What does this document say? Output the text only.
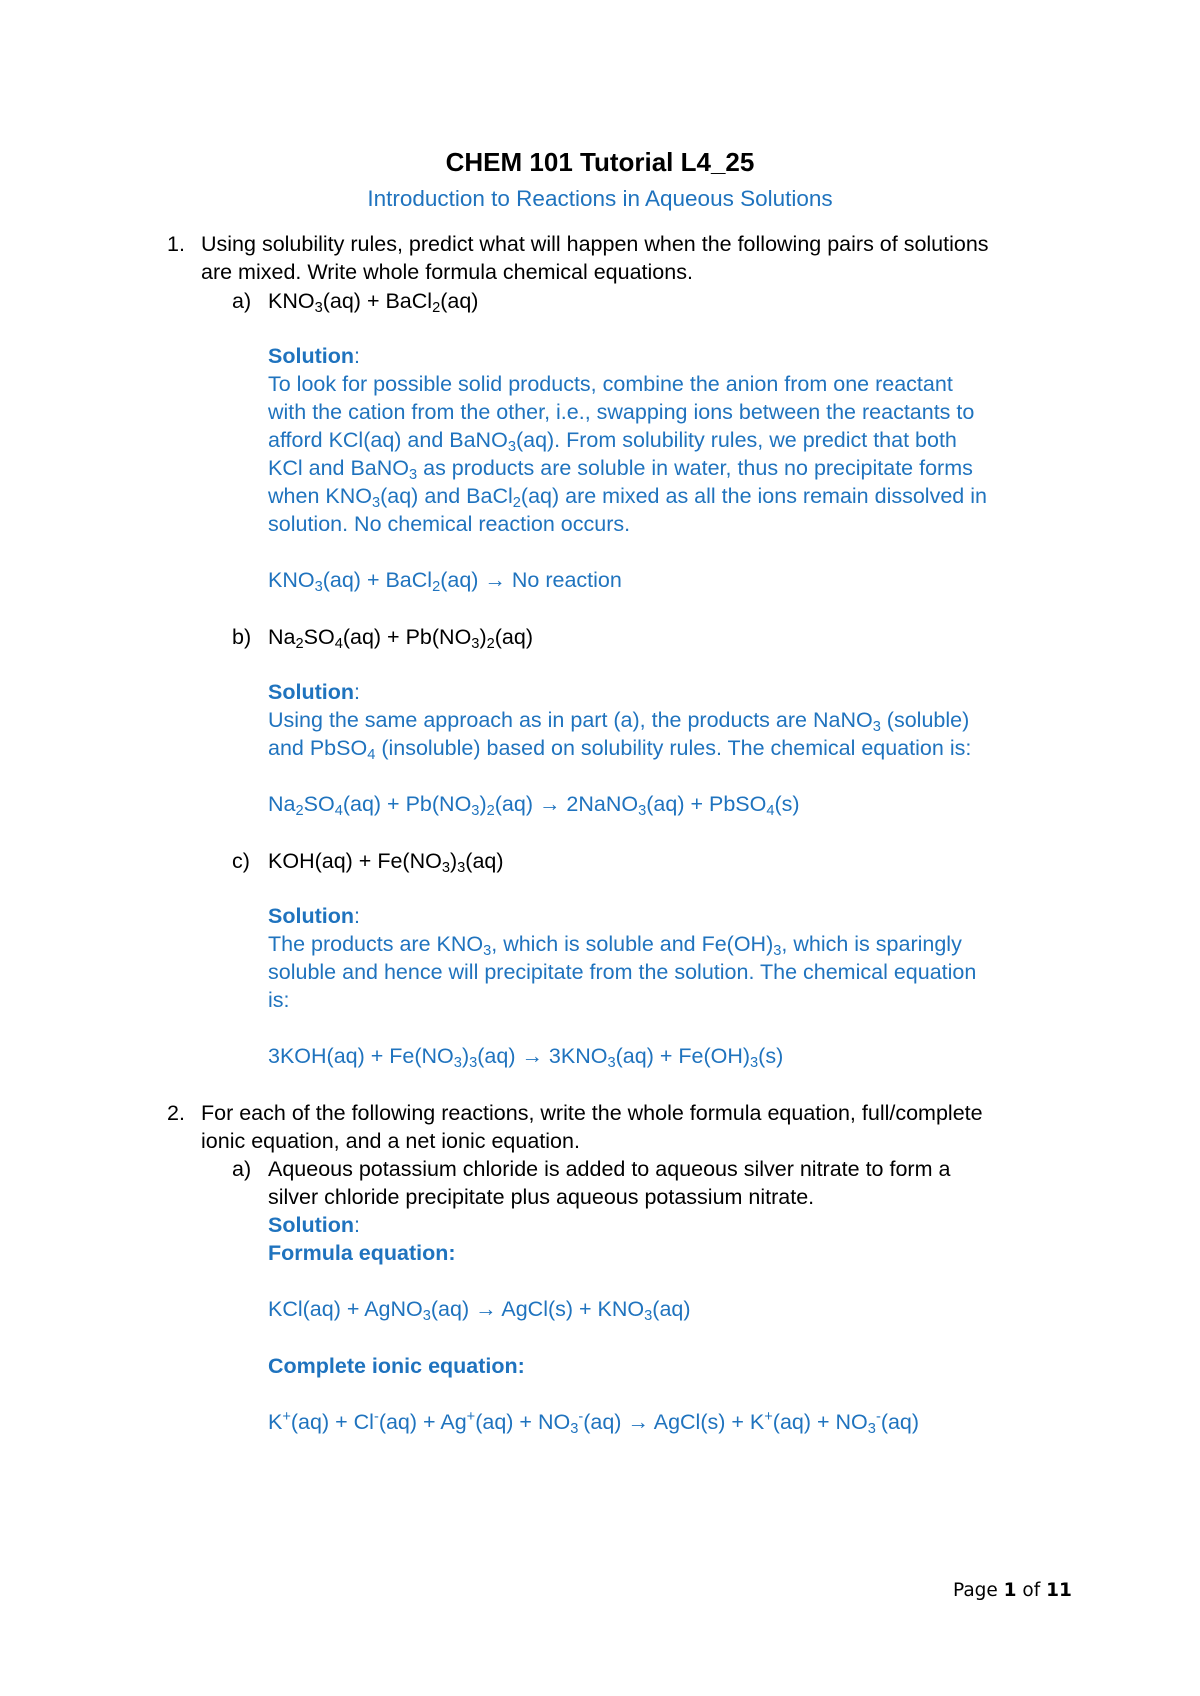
CHEM 101 Tutorial L4_25
Introduction to Reactions in Aqueous Solutions
1. Using solubility rules, predict what will happen when the following pairs of solutions
are mixed. Write whole formula chemical equations.
a) $KNO_3(aq)$ + BaCl$_2$(aq)
Solution:
To look for possible solid products, combine the anion from one reactant
with the cation from the other, i.e., swapping ions between the reactants to
afford KCl(aq) and BaNO$_3$(aq). From solubility rules, we predict that both
KCl and BaNO$_3$ as products are soluble in water, thus no precipitate forms
when $KNO_3(aq)$ and BaCl$_2$(aq) are mixed as all the ions remain dissolved in
solution. No chemical reaction occurs.
$KNO_3(aq)$ + BaCl$_2$(aq) → No reaction
b) $Na_2SO_4(aq) + Pb(NO_3)_2(aq)$
Solution:
Using the same approach as in part (a), the products are NaNO$_3$ (soluble)
and PbSO$_4$ (insoluble) based on solubility rules. The chemical equation is:
$Na_2SO_4(aq) + Pb(NO_3)_2(aq)$ → 2NaNO$_3$(aq) + PbSO$_4$(s)
c) $KOH(aq) + Fe(NO_3)_3(aq)$
Solution:
The products are $KNO_3$, which is soluble and $Fe(OH)_3$, which is sparingly
soluble and hence will precipitate from the solution. The chemical equation
is:
$3KOH(aq) + Fe(NO_3)_3(aq) \to 3KNO_3(aq) + Fe(OH)_3(s)$
2. For each of the following reactions, write the whole formula equation, full/complete
ionic equation, and a net ionic equation.
a) Aqueous potassium chloride is added to aqueous silver nitrate to form a
silver chloride precipitate plus aqueous potassium nitrate.
Solution:
Formula equation:
KCl(aq) + AgNO$_3$(aq) → AgCl(s) + $KNO_3(aq)$
Complete ionic equation:
$K^+(aq) + Cl^-(aq) + Ag^+(aq) + NO_3^-(aq)$ → AgCl(s) + $K^+(aq) + NO_3^-(aq)$
Page 1 of 11
